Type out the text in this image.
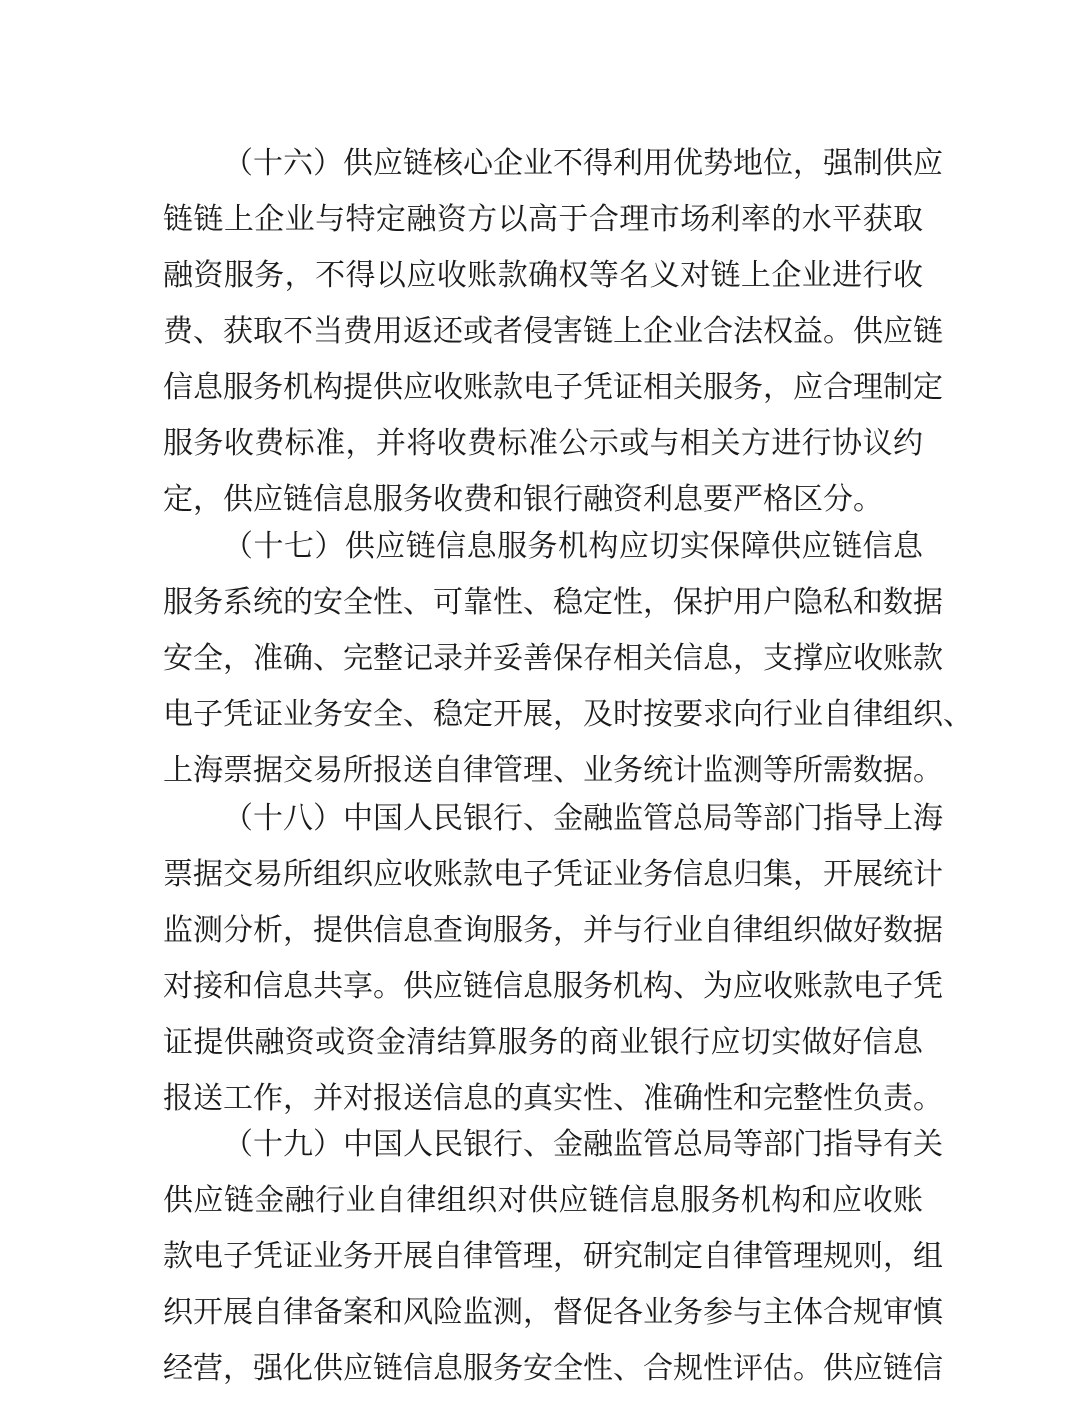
（十六）供应链核心企业不得利用优势地位，强制供应
链链上企业与特定融资方以高于合理市场利率的水平获取
融资服务，不得以应收账款确权等名义对链上企业进行收
费、获取不当费用返还或者侵害链上企业合法权益。供应链
信息服务机构提供应收账款电子凭证相关服务，应合理制定
服务收费标准，并将收费标准公示或与相关方进行协议约
定，供应链信息服务收费和银行融资利息要严格区分。
（十七）供应链信息服务机构应切实保障供应链信息
服务系统的安全性、可靠性、稳定性，保护用户隐私和数据
安全，准确、完整记录并妥善保存相关信息，支撑应收账款
电子凭证业务安全、稳定开展，及时按要求向行业自律组织、
上海票据交易所报送自律管理、业务统计监测等所需数据。
（十八）中国人民银行、金融监管总局等部门指导上海
票据交易所组织应收账款电子凭证业务信息归集，开展统计
监测分析，提供信息查询服务，并与行业自律组织做好数据
对接和信息共享。供应链信息服务机构、为应收账款电子凭
证提供融资或资金清结算服务的商业银行应切实做好信息
报送工作，并对报送信息的真实性、准确性和完整性负责。
（十九）中国人民银行、金融监管总局等部门指导有关
供应链金融行业自律组织对供应链信息服务机构和应收账
款电子凭证业务开展自律管理，研究制定自律管理规则，组
织开展自律备案和风险监测，督促各业务参与主体合规审慎
经营，强化供应链信息服务安全性、合规性评估。供应链信
